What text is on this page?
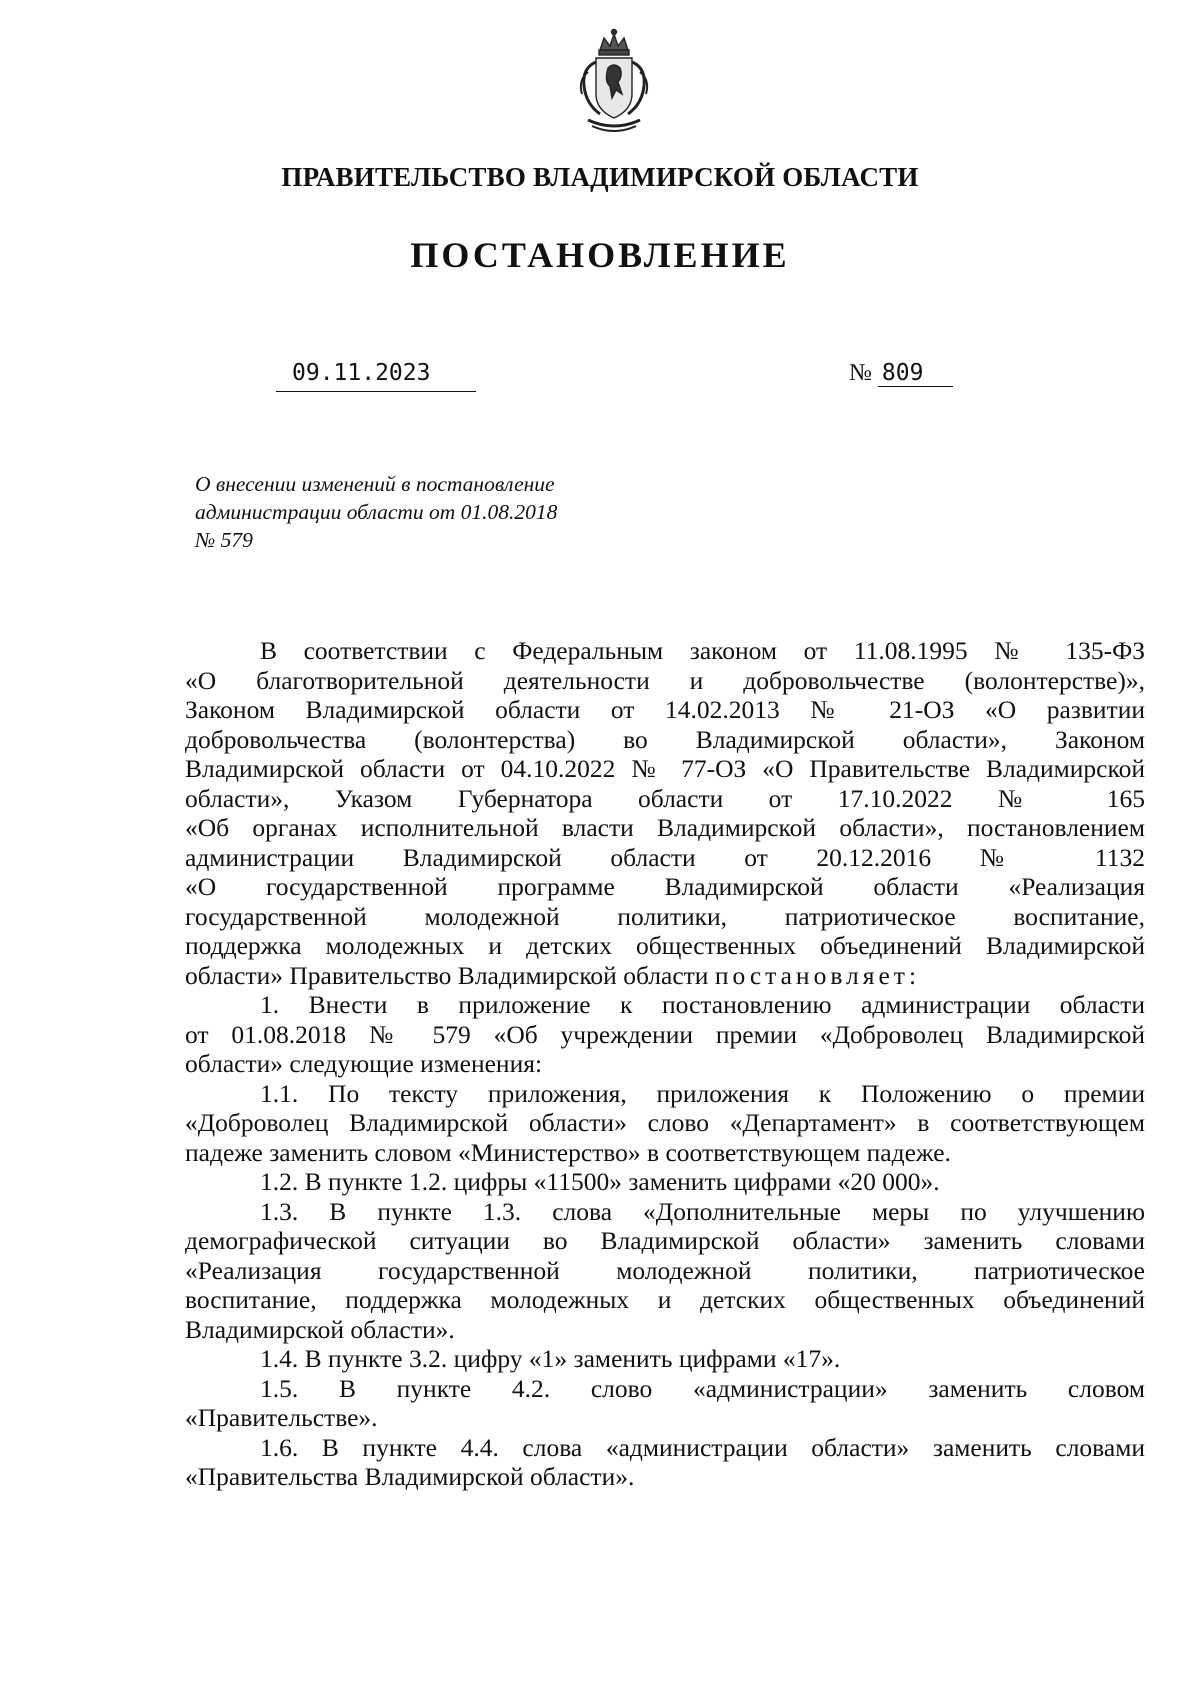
ПРАВИТЕЛЬСТВО ВЛАДИМИРСКОЙ ОБЛАСТИ
ПОСТАНОВЛЕНИЕ
09.11.2023	№ 809
О внесении изменений в постановление
администрации области от 01.08.2018
№ 579
В соответствии с Федеральным законом от 11.08.1995 № 135-ФЗ
«О благотворительной деятельности и добровольчестве (волонтерстве)»,
Законом Владимирской области от 14.02.2013 № 21-ОЗ «О развитии
добровольчества (волонтерства) во Владимирской области», Законом
Владимирской области от 04.10.2022 № 77-ОЗ «О Правительстве Владимирской
области», Указом Губернатора области от 17.10.2022 № 165
«Об органах исполнительной власти Владимирской области», постановлением
администрации Владимирской области от 20.12.2016 № 1132
«О государственной программе Владимирской области «Реализация
государственной молодежной политики, патриотическое воспитание,
поддержка молодежных и детских общественных объединений Владимирской
области» Правительство Владимирской области постановляет:
1. Внести в приложение к постановлению администрации области
от 01.08.2018 № 579 «Об учреждении премии «Доброволец Владимирской
области» следующие изменения:
1.1. По тексту приложения, приложения к Положению о премии
«Доброволец Владимирской области» слово «Департамент» в соответствующем
падеже заменить словом «Министерство» в соответствующем падеже.
1.2. В пункте 1.2. цифры «11500» заменить цифрами «20 000».
1.3. В пункте 1.3. слова «Дополнительные меры по улучшению
демографической ситуации во Владимирской области» заменить словами
«Реализация государственной молодежной политики, патриотическое
воспитание, поддержка молодежных и детских общественных объединений
Владимирской области».
1.4. В пункте 3.2. цифру «1» заменить цифрами «17».
1.5. В пункте 4.2. слово «администрации» заменить словом
«Правительстве».
1.6. В пункте 4.4. слова «администрации области» заменить словами
«Правительства Владимирской области».
